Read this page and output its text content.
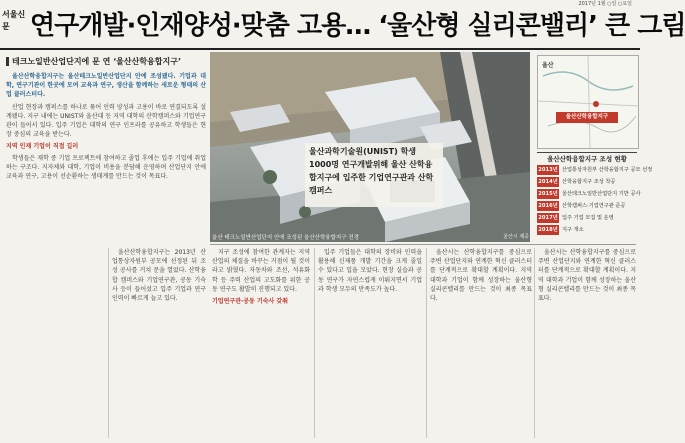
2017년 1월 ○일 ○요일
서울신문 연구개발·인재양성·맞춤 고용… ‘울산형 실리콘밸리’ 큰 그림
테크노일반산업단지에 문 연 ‘울산산학융합지구’

울산산학융합지구는 울산테크노일반산업단지 안에 조성됐다. 기업과 대학, 연구기관이 한곳에 모여 교육과 연구, 생산을 함께하는 새로운 형태의 산업 클러스터다.

산업 현장과 캠퍼스를 하나로 묶어 인력 양성과 고용이 바로 연결되도록 설계됐다. 지구 내에는 UNIST와 울산대 등 지역 대학의 산학캠퍼스와 기업연구관이 들어서 있다. 입주 기업은 대학의 연구 인프라를 공유하고 학생들은 현장 중심의 교육을 받는다.

지역 인재 기업이 직접 길러

학생들은 재학 중 기업 프로젝트에 참여하고 졸업 후에는 입주 기업에 취업하는 구조다. 지자체와 대학, 기업이 비용을 분담해 운영하며 산업단지 안에 교육과 연구, 고용이 선순환하는 생태계를 만드는 것이 목표다.

울산과학기술원(UNIST) 학생 1000명 연구개발위해 울산 산학융합지구에 입주한 기업연구관과 산학캠퍼스
울산 테크노일반산업단지 안에 조성된 울산산학융합지구 전경	울산시 제공
울산산학융합지구
울산
울산산학융합지구 조성 현황
2013년 산업통상자원부 산학융합지구 공모 선정
2014년 산학융합지구 조성 착공
2015년 울산테크노일반산업단지 기반 공사
2016년 산학캠퍼스·기업연구관 준공
2017년 입주 기업 모집 및 운영
2018년 지구 개소

울산산학융합지구는 2013년 산업통상자원부 공모에 선정된 뒤 조성 공사를 거쳐 문을 열었다. 산학융합 캠퍼스와 기업연구관, 공동 기숙사 등이 들어섰고 입주 기업과 연구 인력이 빠르게 늘고 있다.

지구 조성에 참여한 관계자는 지역 산업의 체질을 바꾸는 거점이 될 것이라고 밝혔다. 자동차와 조선, 석유화학 등 주력 산업의 고도화를 위한 공동 연구도 활발히 진행되고 있다.

기업연구관·공동 기숙사 갖춰

입주 기업들은 대학의 장비와 인력을 활용해 신제품 개발 기간을 크게 줄일 수 있다고 입을 모았다. 현장 실습과 공동 연구가 자연스럽게 이뤄지면서 기업과 학생 모두의 만족도가 높다.

울산시는 산학융합지구를 중심으로 주변 산업단지와 연계한 혁신 클러스터를 단계적으로 확대할 계획이다. 지역 대학과 기업이 함께 성장하는 울산형 실리콘밸리를 만드는 것이 최종 목표다.

울산시는 산학융합지구를 중심으로 주변 산업단지와 연계한 혁신 클러스터를 단계적으로 확대할 계획이다. 지역 대학과 기업이 함께 성장하는 울산형 실리콘밸리를 만드는 것이 최종 목표다.
